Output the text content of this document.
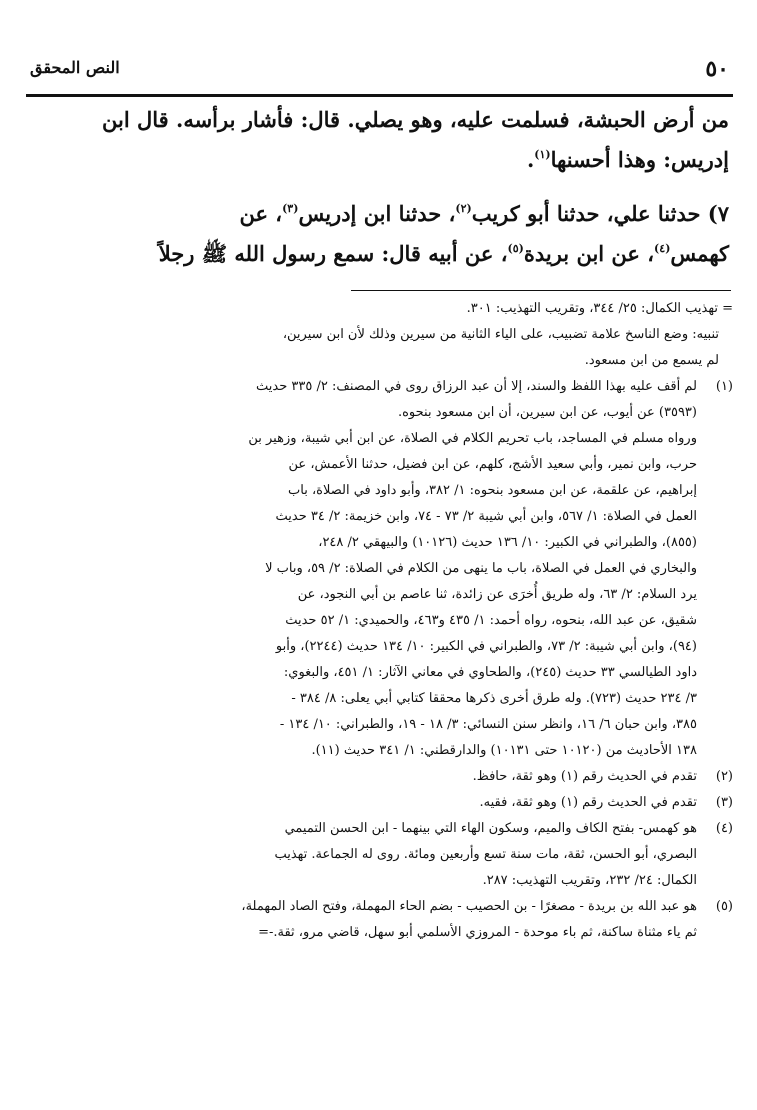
٥٠
النص المحقق

من أرض الحبشة، فسلمت عليه، وهو يصلي. قال: فأشار برأسه. قال ابن
إدريس: وهذا أحسنها$^{(١)}$.

٧) حدثنا علي، حدثنا أبو كريب$^{(٢)}$، حدثنا ابن إدريس$^{(٣)}$، عن
كهمس$^{(٤)}$، عن ابن بريدة$^{(٥)}$، عن أبيه قال: سمع رسول الله ﷺ رجلاً

= تهذيب الكمال: ٢٥/ ٣٤٤، وتقريب التهذيب: ٣٠١.
تنبيه: وضع الناسخ علامة تضبيب، على الياء الثانية من سيرين وذلك لأن ابن سيرين،
لم يسمع من ابن مسعود.
(١)
لم أقف عليه بهذا اللفظ والسند، إلا أن عبد الرزاق روى في المصنف: ٢/ ٣٣٥ حديث
(٣٥٩٣) عن أيوب، عن ابن سيرين، أن ابن مسعود بنحوه.
ورواه مسلم في المساجد، باب تحريم الكلام في الصلاة، عن ابن أبي شيبة، وزهير بن
حرب، وابن نمير، وأبي سعيد الأشج، كلهم، عن ابن فضيل، حدثنا الأعمش، عن
إبراهيم، عن علقمة، عن ابن مسعود بنحوه: ١/ ٣٨٢، وأبو داود في الصلاة، باب
العمل في الصلاة: ١/ ٥٦٧، وابن أبي شيبة ٢/ ٧٣ - ٧٤، وابن خزيمة: ٢/ ٣٤ حديث
(٨٥٥)، والطبراني في الكبير: ١٠/ ١٣٦ حديث (١٠١٢٦) والبيهقي ٢/ ٢٤٨،
والبخاري في العمل في الصلاة، باب ما ينهى من الكلام في الصلاة: ٢/ ٥٩، وباب لا
يرد السلام: ٢/ ٦٣، وله طريق أُخرَى عن زائدة، ثنا عاصم بن أبي النجود، عن
شقيق، عن عبد الله، بنحوه، رواه أحمد: ١/ ٤٣٥ و٤٦٣، والحميدي: ١/ ٥٢ حديث
(٩٤)، وابن أبي شيبة: ٢/ ٧٣، والطبراني في الكبير: ١٠/ ١٣٤ حديث (٢٢٤٤)، وأبو
داود الطيالسي ٣٣ حديث (٢٤٥)، والطحاوي في معاني الآثار: ١/ ٤٥١، والبغوي:
٣/ ٢٣٤ حديث (٧٢٣). وله طرق أخرى ذكرها محققا كتابي أبي يعلى: ٨/ ٣٨٤ -
٣٨٥، وابن حبان ٦/ ١٦، وانظر سنن النسائي: ٣/ ١٨ - ١٩، والطبراني: ١٠/ ١٣٤ -
١٣٨ الأحاديث من (١٠١٢٠ حتى ١٠١٣١) والدارقطني: ١/ ٣٤١ حديث (١١).
(٢)
تقدم في الحديث رقم (١) وهو ثقة، حافظ.
(٣)
تقدم في الحديث رقم (١) وهو ثقة، فقيه.
(٤)
هو كهمس- بفتح الكاف والميم، وسكون الهاء التي بينهما - ابن الحسن التميمي
البصري، أبو الحسن، ثقة، مات سنة تسع وأربعين ومائة. روى له الجماعة. تهذيب
الكمال: ٢٤/ ٢٣٢، وتقريب التهذيب: ٢٨٧.
(٥)
هو عبد الله بن بريدة - مصغرًا - بن الحصيب - بضم الحاء المهملة، وفتح الصاد المهملة،
ثم ياء مثناة ساكنة، ثم باء موحدة - المروزي الأسلمي أبو سهل، قاضي مرو، ثقة.-=
